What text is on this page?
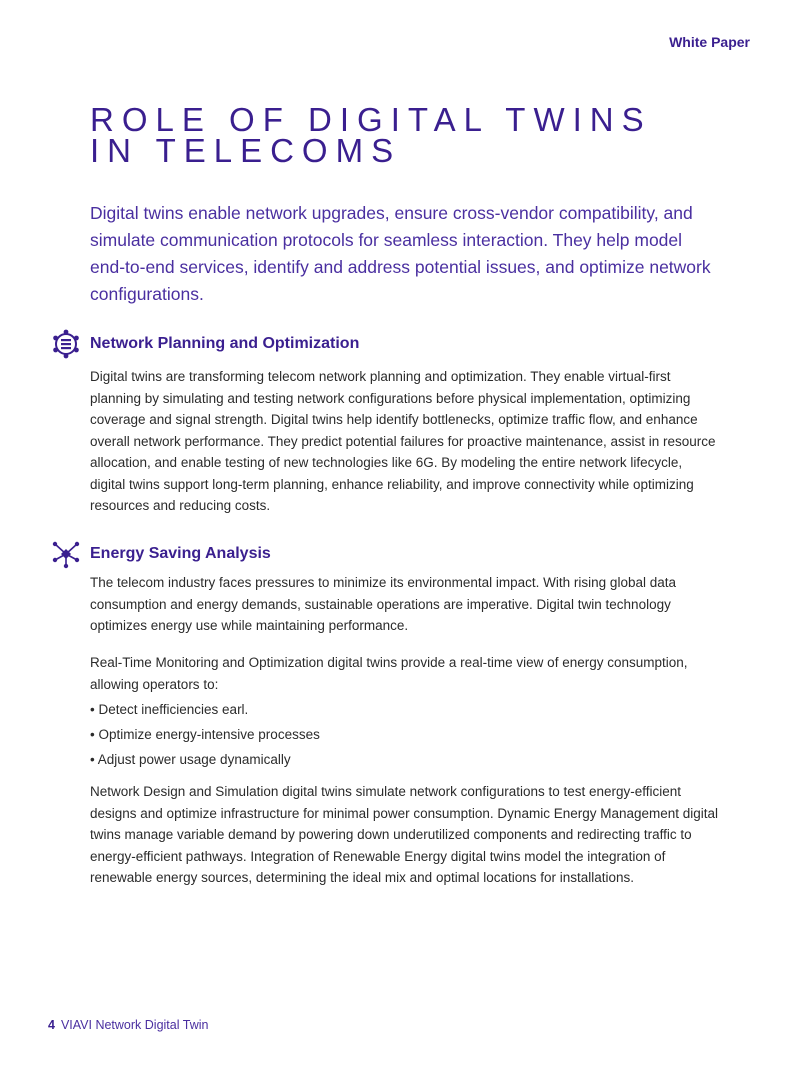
White Paper
ROLE OF DIGITAL TWINS
IN TELECOMS

Digital twins enable network upgrades, ensure cross-vendor compatibility, and simulate communication protocols for seamless interaction. They help model end-to-end services, identify and address potential issues, and optimize network configurations.

Network Planning and Optimization

Digital twins are transforming telecom network planning and optimization. They enable virtual-first planning by simulating and testing network configurations before physical implementation, optimizing coverage and signal strength. Digital twins help identify bottlenecks, optimize traffic flow, and enhance overall network performance. They predict potential failures for proactive maintenance, assist in resource allocation, and enable testing of new technologies like 6G. By modeling the entire network lifecycle, digital twins support long-term planning, enhance reliability, and improve connectivity while optimizing resources and reducing costs.

Energy Saving Analysis

The telecom industry faces pressures to minimize its environmental impact. With rising global data consumption and energy demands, sustainable operations are imperative. Digital twin technology optimizes energy use while maintaining performance.

Real-Time Monitoring and Optimization digital twins provide a real-time view of energy consumption, allowing operators to:

• Detect inefficiencies earl.
• Optimize energy-intensive processes
• Adjust power usage dynamically

Network Design and Simulation digital twins simulate network configurations to test energy-efficient designs and optimize infrastructure for minimal power consumption. Dynamic Energy Management digital twins manage variable demand by powering down underutilized components and redirecting traffic to energy-efficient pathways. Integration of Renewable Energy digital twins model the integration of renewable energy sources, determining the ideal mix and optimal locations for installations.

4 VIAVI Network Digital Twin
